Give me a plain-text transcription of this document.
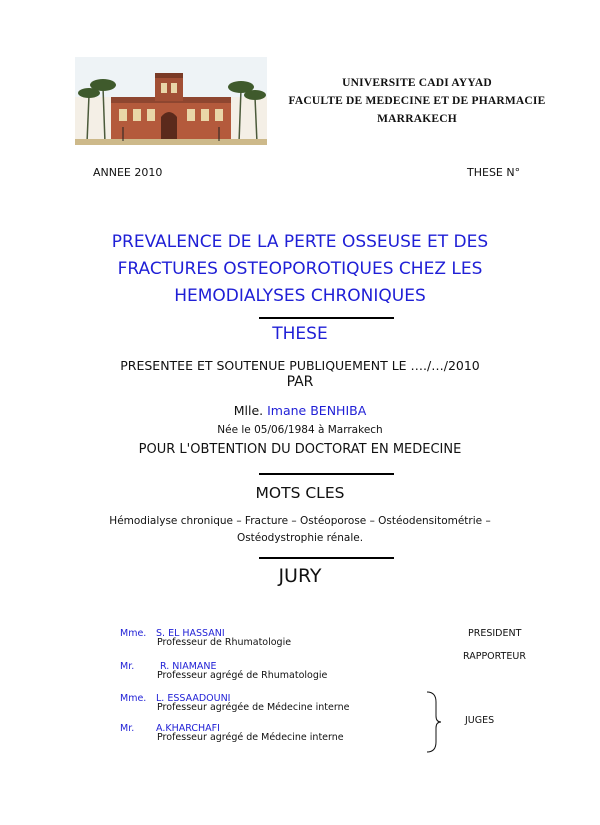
UNIVERSITE CADI AYYAD
FACULTE DE MEDECINE ET DE PHARMACIE
MARRAKECH
ANNEE 2010	THESE N°
PREVALENCE DE LA PERTE OSSEUSE ET DES
FRACTURES OSTEOPOROTIQUES CHEZ LES
HEMODIALYSES CHRONIQUES
THESE
PRESENTEE ET SOUTENUE PUBLIQUEMENT LE …./…/2010
PAR
Mlle. Imane BENHIBA
Née le 05/06/1984 à Marrakech
POUR L'OBTENTION DU DOCTORAT EN MEDECINE
MOTS CLES
Hémodialyse chronique – Fracture – Ostéoporose – Ostéodensitométrie –
Ostéodystrophie rénale.
JURY
Mme. S. EL HASSANI
Professeur de Rhumatologie
Mr.	R. NIAMANE
Professeur agrégé de Rhumatologie
Mme. L. ESSAADOUNI
Professeur agrégée de Médecine interne
Mr. A.KHARCHAFI
Professeur agrégé de Médecine interne
PRESIDENT
RAPPORTEUR
JUGES
